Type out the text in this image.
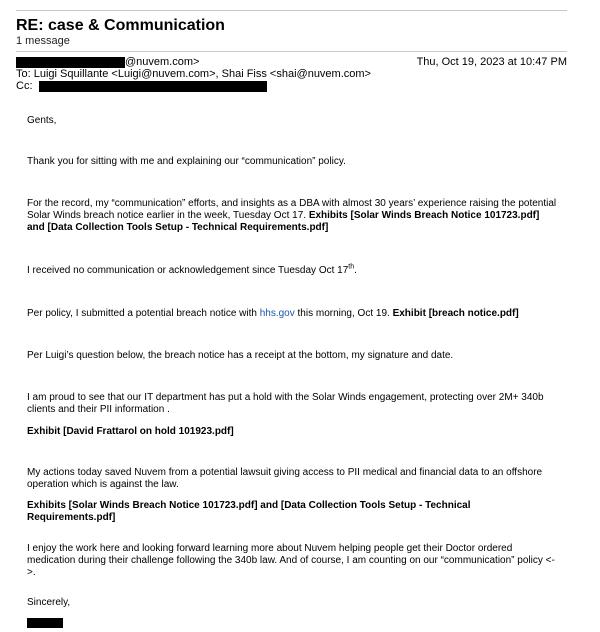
RE: case & Communication
1 message
@nuvem.com>	Thu, Oct 19, 2023 at 10:47 PM
To: Luigi Squillante <Luigi@nuvem.com>, Shai Fiss <shai@nuvem.com>
Cc:
Gents,
Thank you for sitting with me and explaining our “communication” policy.
For the record, my “communication” efforts, and insights as a DBA with almost 30 years’ experience raising the potential Solar Winds breach notice earlier in the week, Tuesday Oct 17. Exhibits [Solar Winds Breach Notice 101723.pdf] and [Data Collection Tools Setup - Technical Requirements.pdf]
I received no communication or acknowledgement since Tuesday Oct 17th.
Per policy, I submitted a potential breach notice with hhs.gov this morning, Oct 19. Exhibit [breach notice.pdf]
Per Luigi’s question below, the breach notice has a receipt at the bottom, my signature and date.
I am proud to see that our IT department has put a hold with the Solar Winds engagement, protecting over 2M+ 340b clients and their PII information .
Exhibit [David Frattarol on hold 101923.pdf]
My actions today saved Nuvem from a potential lawsuit giving access to PII medical and financial data to an offshore operation which is against the law.
Exhibits [Solar Winds Breach Notice 101723.pdf] and [Data Collection Tools Setup - Technical Requirements.pdf]
I enjoy the work here and looking forward learning more about Nuvem helping people get their Doctor ordered medication during their challenge following the 340b law. And of course, I am counting on our “communication” policy <->.
Sincerely,
